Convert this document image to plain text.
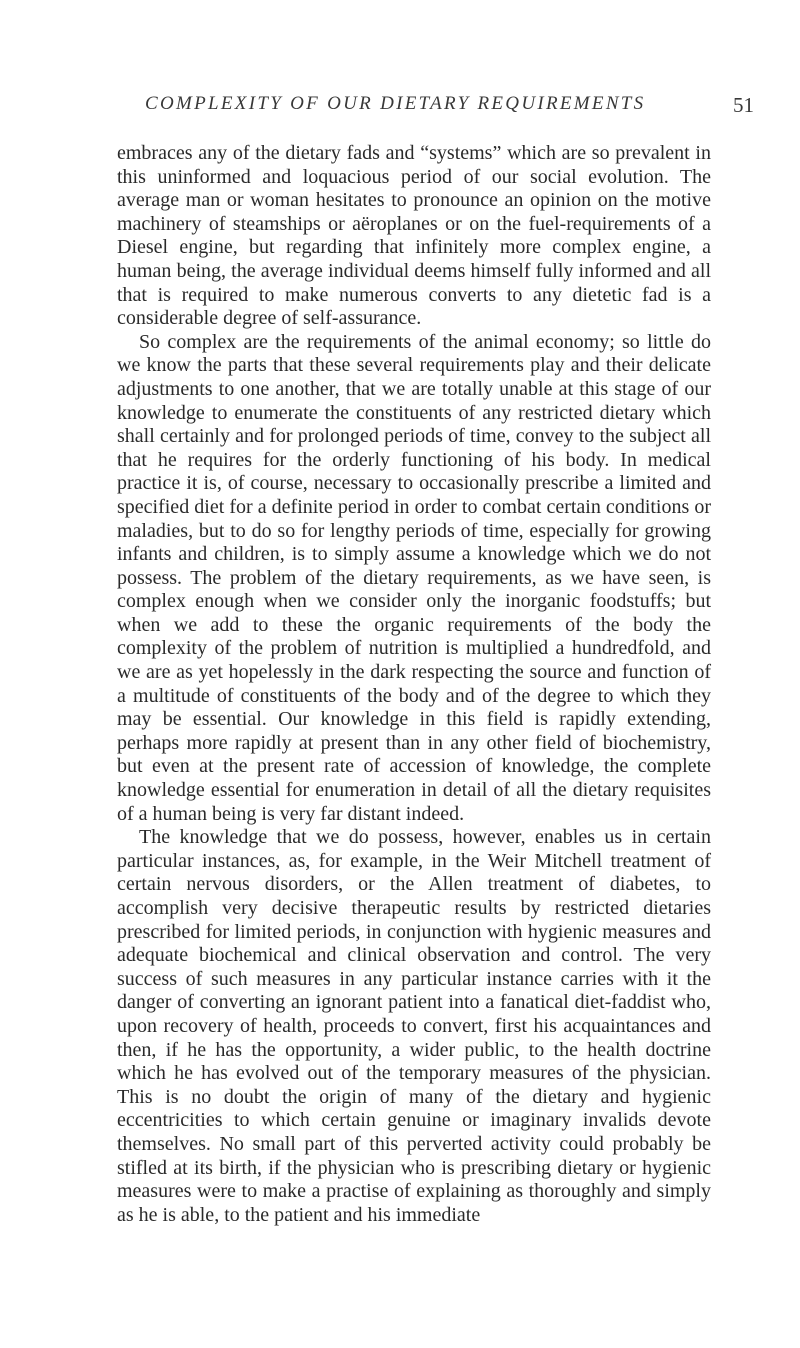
COMPLEXITY OF OUR DIETARY REQUIREMENTS	51

embraces any of the dietary fads and “systems” which are so prevalent in this uninformed and loquacious period of our social evolution. The average man or woman hesitates to pronounce an opinion on the motive machinery of steamships or aëroplanes or on the fuel-requirements of a Diesel engine, but regarding that infinitely more complex engine, a human being, the average individual deems himself fully informed and all that is required to make numerous converts to any dietetic fad is a considerable degree of self-assurance.

So complex are the requirements of the animal economy; so little do we know the parts that these several requirements play and their delicate adjustments to one another, that we are totally unable at this stage of our knowledge to enumerate the constituents of any restricted dietary which shall certainly and for prolonged periods of time, convey to the subject all that he requires for the orderly functioning of his body. In medical practice it is, of course, necessary to occasionally prescribe a limited and specified diet for a definite period in order to combat certain conditions or maladies, but to do so for lengthy periods of time, especially for growing infants and children, is to simply assume a knowledge which we do not possess. The problem of the dietary requirements, as we have seen, is complex enough when we consider only the inorganic foodstuffs; but when we add to these the organic requirements of the body the complexity of the problem of nutrition is multiplied a hundredfold, and we are as yet hopelessly in the dark respecting the source and function of a multitude of constituents of the body and of the degree to which they may be essential. Our knowledge in this field is rapidly extending, perhaps more rapidly at present than in any other field of biochemistry, but even at the present rate of accession of knowledge, the complete knowledge essential for enumeration in detail of all the dietary requisites of a human being is very far distant indeed.

The knowledge that we do possess, however, enables us in certain particular instances, as, for example, in the Weir Mitchell treatment of certain nervous disorders, or the Allen treatment of diabetes, to accomplish very decisive therapeutic results by restricted dietaries prescribed for limited periods, in conjunction with hygienic measures and adequate biochemical and clinical observation and control. The very success of such measures in any particular instance carries with it the danger of converting an ignorant patient into a fanatical diet-faddist who, upon recovery of health, proceeds to convert, first his acquaintances and then, if he has the opportunity, a wider public, to the health doctrine which he has evolved out of the temporary measures of the physician. This is no doubt the origin of many of the dietary and hygienic eccentricities to which certain genuine or imaginary invalids devote themselves. No small part of this perverted activity could probably be stifled at its birth, if the physician who is prescribing dietary or hygienic measures were to make a practise of explaining as thoroughly and simply as he is able, to the patient and his immediate
